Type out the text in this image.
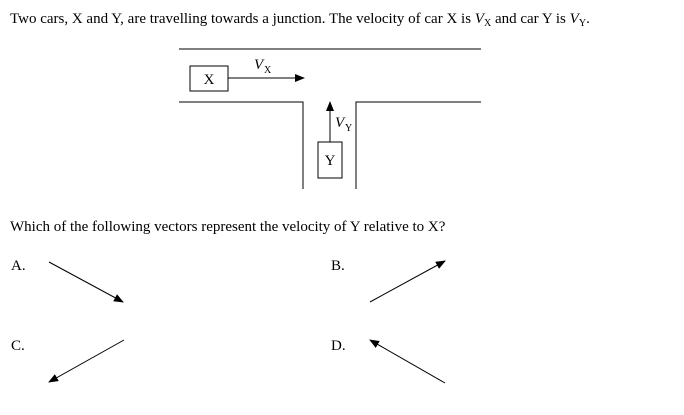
Two cars, X and Y, are travelling towards a junction. The velocity of car X is $V_X$ and car Y is $V_Y$.
X
V X
Y
V Y
Which of the following vectors represent the velocity of Y relative to X?
A.	B.
C.	D.
